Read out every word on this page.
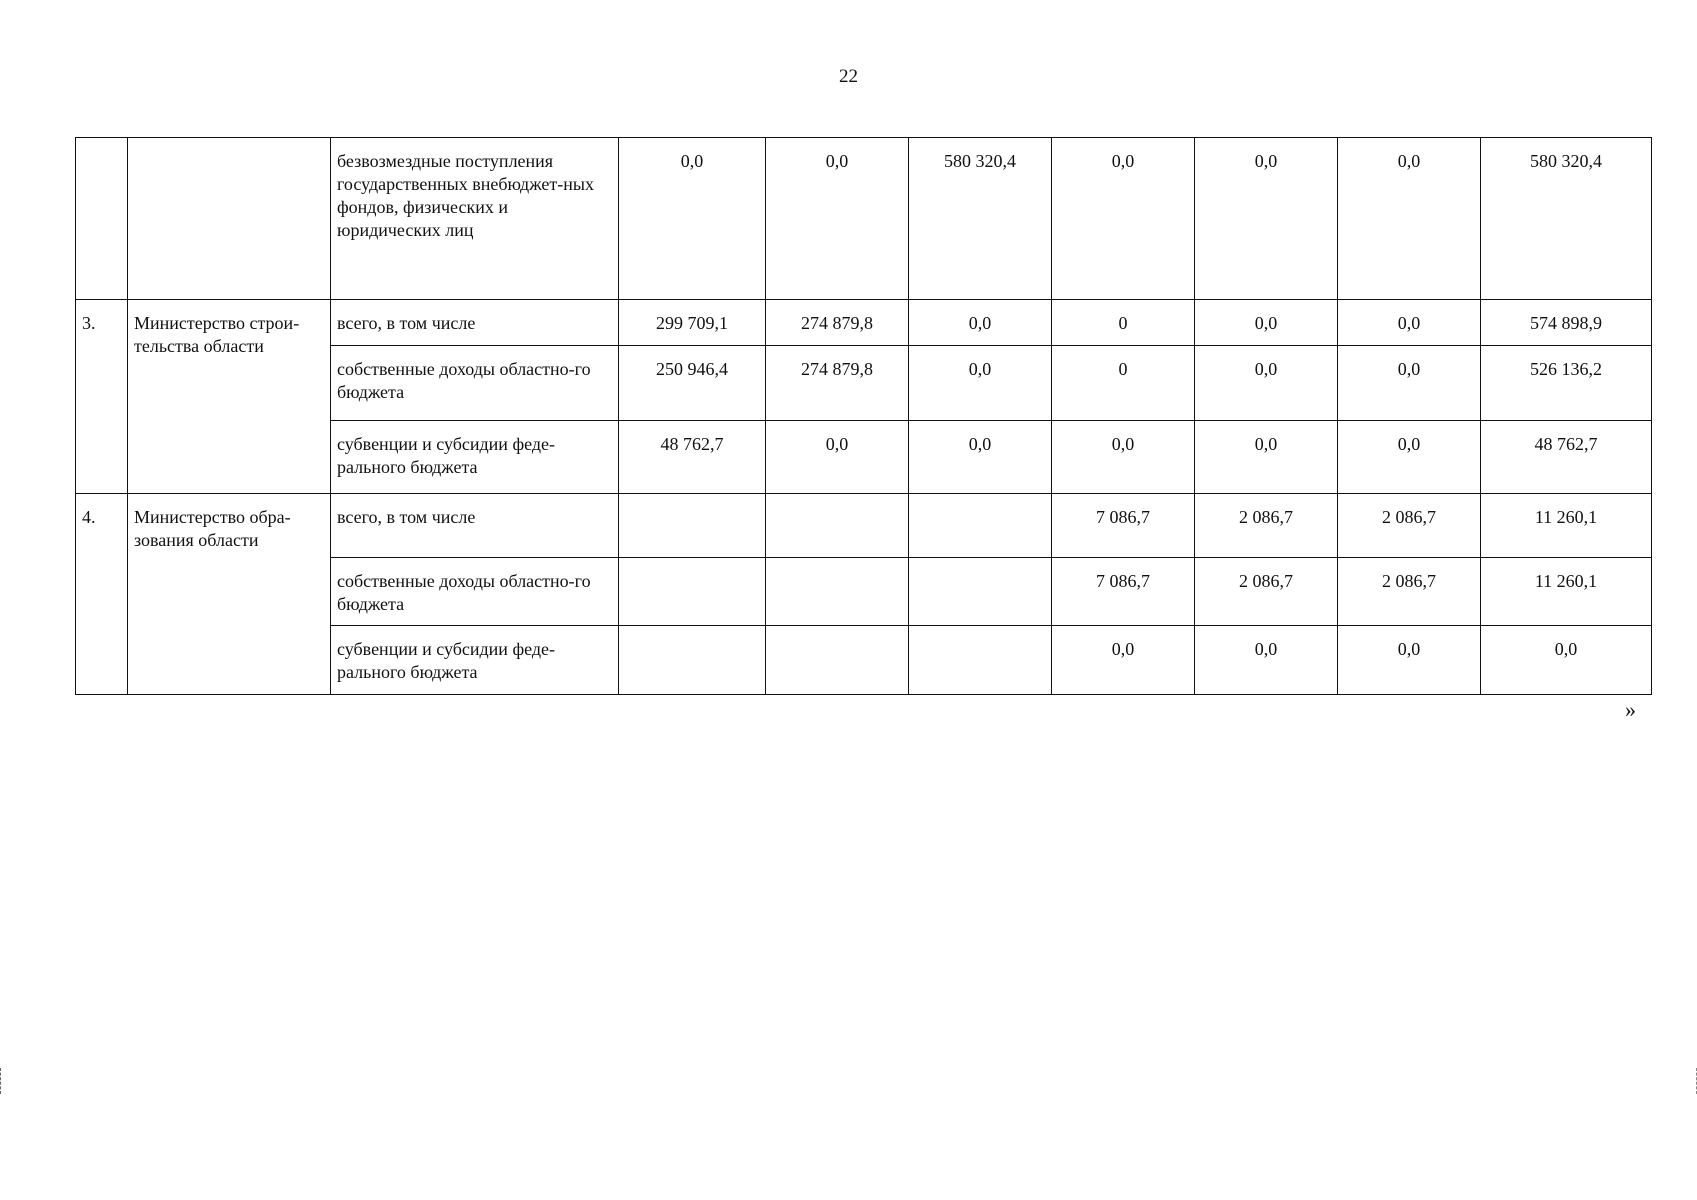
22
		безвозмездные поступления государственных внебюджет-ных фондов, физических и юридических лиц	0,0	0,0	580 320,4	0,0	0,0	0,0	580 320,4
3.	Министерство строи-тельства области	всего, в том числе	299 709,1	274 879,8	0,0	0	0,0	0,0	574 898,9
		собственные доходы областно-го бюджета	250 946,4	274 879,8	0,0	0	0,0	0,0	526 136,2
		субвенции и субсидии феде-рального бюджета	48 762,7	0,0	0,0	0,0	0,0	0,0	48 762,7
4.	Министерство обра-зования области	всего, в том числе				7 086,7	2 086,7	2 086,7	11 260,1
		собственные доходы областно-го бюджета				7 086,7	2 086,7	2 086,7	11 260,1
		субвенции и субсидии феде-рального бюджета				0,0	0,0	0,0	0,0
»
